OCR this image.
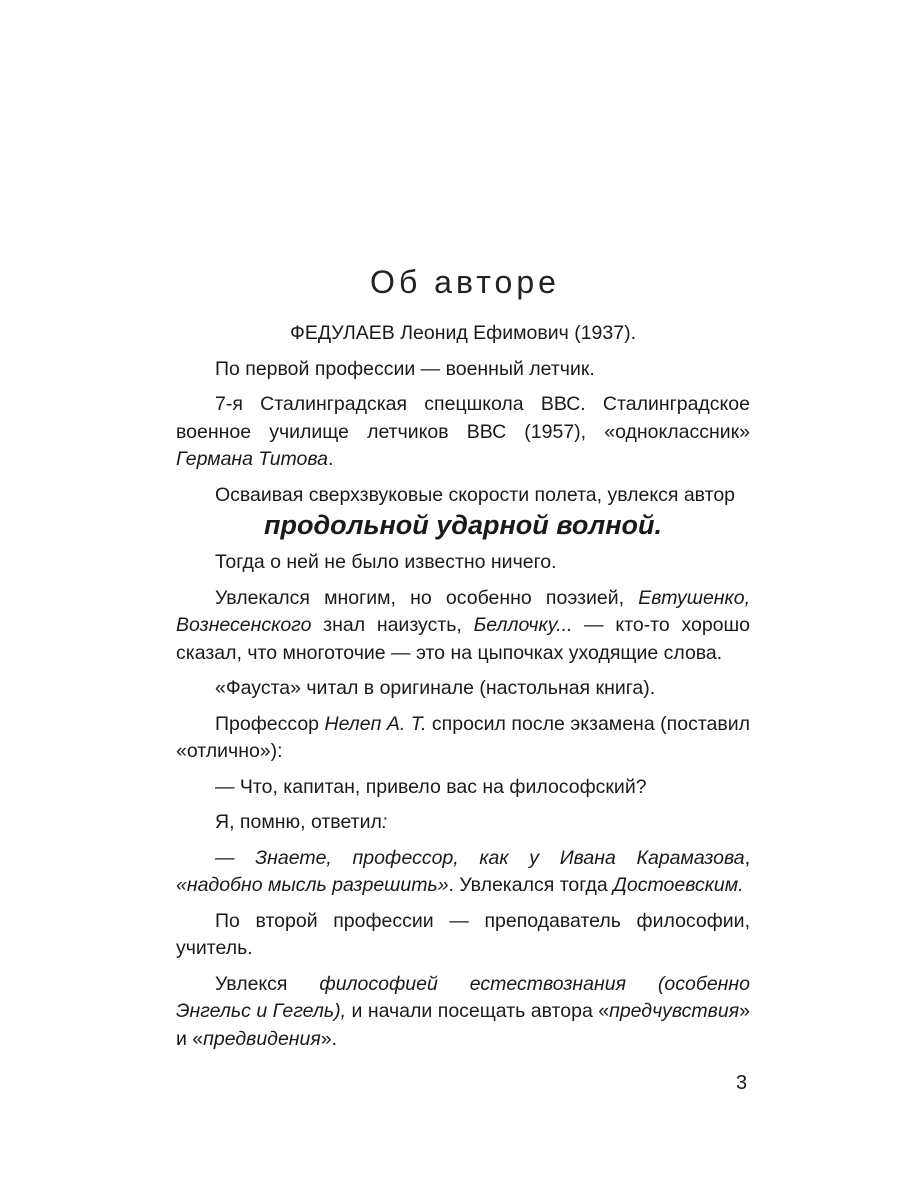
Об авторе

ФЕДУЛАЕВ Леонид Ефимович (1937).

По первой профессии — военный летчик.

7-я Сталинградская спецшкола ВВС. Сталинградское военное училище летчиков ВВС (1957), «одноклассник» Германа Титова.

Осваивая сверхзвуковые скорости полета, увлекся автор

продольной ударной волной.

Тогда о ней не было известно ничего.

Увлекался многим, но особенно поэзией, Евтушенко, Вознесенского знал наизусть, Беллочку... — кто-то хорошо сказал, что многоточие — это на цыпочках уходящие слова.

«Фауста» читал в оригинале (настольная книга).

Профессор Нелеп А. Т. спросил после экзамена (поставил «отлично»):

— Что, капитан, привело вас на философский?

Я, помню, ответил:

— Знаете, профессор, как у Ивана Карамазова, «надобно мысль разрешить». Увлекался тогда Достоевским.

По второй профессии — преподаватель философии, учитель.

Увлекся философией естествознания (особенно Энгельс и Гегель), и начали посещать автора «предчувствия» и «предвидения».

3
